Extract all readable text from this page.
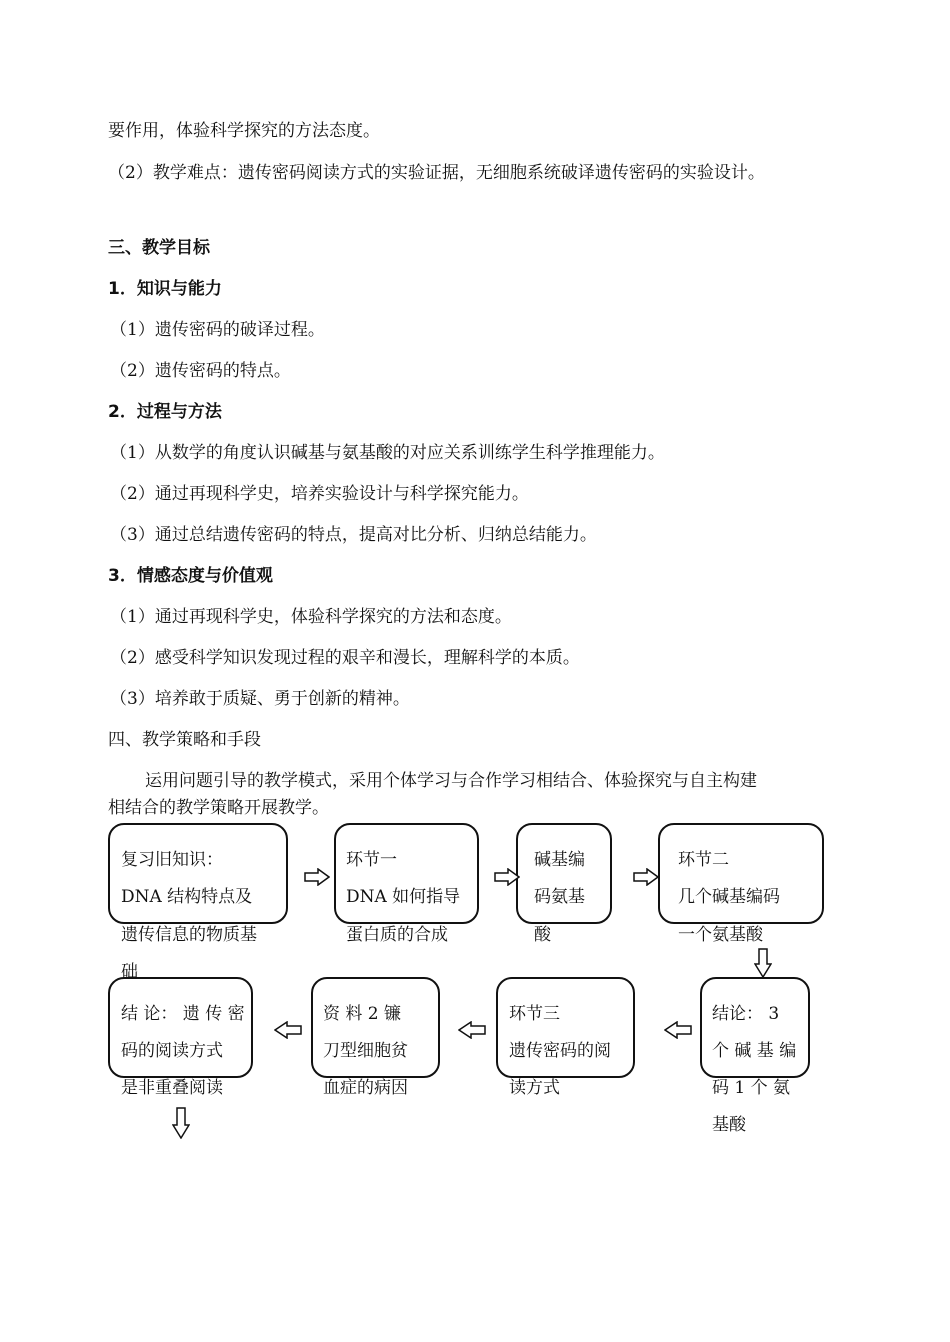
要作用，体验科学探究的方法态度。
（2）教学难点：遗传密码阅读方式的实验证据，无细胞系统破译遗传密码的实验设计。
三、教学目标
1．知识与能力
（1）遗传密码的破译过程。
（2）遗传密码的特点。
2．过程与方法
（1）从数学的角度认识碱基与氨基酸的对应关系训练学生科学推理能力。
（2）通过再现科学史，培养实验设计与科学探究能力。
（3）通过总结遗传密码的特点，提高对比分析、归纳总结能力。
3．情感态度与价值观
（1）通过再现科学史，体验科学探究的方法和态度。
（2）感受科学知识发现过程的艰辛和漫长，理解科学的本质。
（3）培养敢于质疑、勇于创新的精神。
四、教学策略和手段
运用问题引导的教学模式，采用个体学习与合作学习相结合、体验探究与自主构建
相结合的教学策略开展教学。
复习旧知识：
DNA 结构特点及
遗传信息的物质基
础
环节一
DNA 如何指导
蛋白质的合成
碱基编
码氨基
酸
环节二
几个碱基编码
一个氨基酸
结 论： 遗 传 密
码的阅读方式
是非重叠阅读
资 料 2 镰
刀型细胞贫
血症的病因
环节三
遗传密码的阅
读方式
结论： 3
个 碱 基 编
码 1 个 氨
基酸
